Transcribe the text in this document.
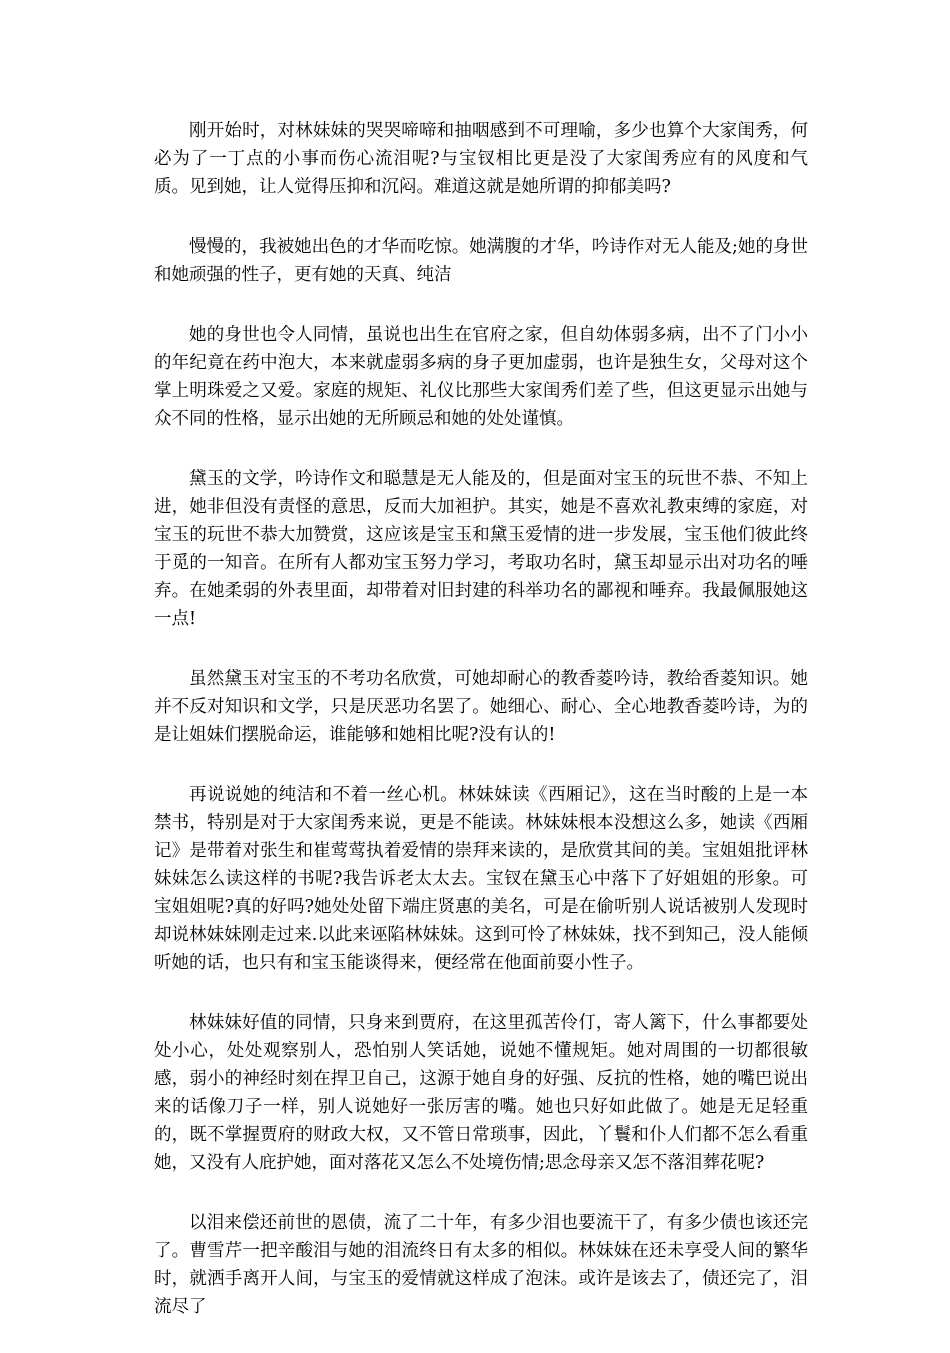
刚开始时，对林妹妹的哭哭啼啼和抽咽感到不可理喻，多少也算个大家闺秀，何必为了一丁点的小事而伤心流泪呢?与宝钗相比更是没了大家闺秀应有的风度和气质。见到她，让人觉得压抑和沉闷。难道这就是她所谓的抑郁美吗?

慢慢的，我被她出色的才华而吃惊。她满腹的才华，吟诗作对无人能及;她的身世和她顽强的性子，更有她的天真、纯洁

她的身世也令人同情，虽说也出生在官府之家，但自幼体弱多病，出不了门小小的年纪竟在药中泡大，本来就虚弱多病的身子更加虚弱，也许是独生女，父母对这个掌上明珠爱之又爱。家庭的规矩、礼仪比那些大家闺秀们差了些，但这更显示出她与众不同的性格，显示出她的无所顾忌和她的处处谨慎。

黛玉的文学，吟诗作文和聪慧是无人能及的，但是面对宝玉的玩世不恭、不知上进，她非但没有责怪的意思，反而大加袒护。其实，她是不喜欢礼教束缚的家庭，对宝玉的玩世不恭大加赞赏，这应该是宝玉和黛玉爱情的进一步发展，宝玉他们彼此终于觅的一知音。在所有人都劝宝玉努力学习，考取功名时，黛玉却显示出对功名的唾弃。在她柔弱的外表里面，却带着对旧封建的科举功名的鄙视和唾弃。我最佩服她这一点!

虽然黛玉对宝玉的不考功名欣赏，可她却耐心的教香菱吟诗，教给香菱知识。她并不反对知识和文学，只是厌恶功名罢了。她细心、耐心、全心地教香菱吟诗，为的是让姐妹们摆脱命运，谁能够和她相比呢?没有认的!

再说说她的纯洁和不着一丝心机。林妹妹读《西厢记》，这在当时酸的上是一本禁书，特别是对于大家闺秀来说，更是不能读。林妹妹根本没想这么多，她读《西厢记》是带着对张生和崔莺莺执着爱情的崇拜来读的，是欣赏其间的美。宝姐姐批评林妹妹怎么读这样的书呢?我告诉老太太去。宝钗在黛玉心中落下了好姐姐的形象。可宝姐姐呢?真的好吗?她处处留下端庄贤惠的美名，可是在偷听别人说话被别人发现时却说林妹妹刚走过来.以此来诬陷林妹妹。这到可怜了林妹妹，找不到知己，没人能倾听她的话，也只有和宝玉能谈得来，便经常在他面前耍小性子。

林妹妹好值的同情，只身来到贾府，在这里孤苦伶仃，寄人篱下，什么事都要处处小心，处处观察别人，恐怕别人笑话她，说她不懂规矩。她对周围的一切都很敏感，弱小的神经时刻在捍卫自己，这源于她自身的好强、反抗的性格，她的嘴巴说出来的话像刀子一样，别人说她好一张厉害的嘴。她也只好如此做了。她是无足轻重的，既不掌握贾府的财政大权，又不管日常琐事，因此，丫鬟和仆人们都不怎么看重她，又没有人庇护她，面对落花又怎么不处境伤情;思念母亲又怎不落泪葬花呢?

以泪来偿还前世的恩债，流了二十年，有多少泪也要流干了，有多少债也该还完了。曹雪芹一把辛酸泪与她的泪流终日有太多的相似。林妹妹在还未享受人间的繁华时，就洒手离开人间，与宝玉的爱情就这样成了泡沫。或许是该去了，债还完了，泪流尽了
